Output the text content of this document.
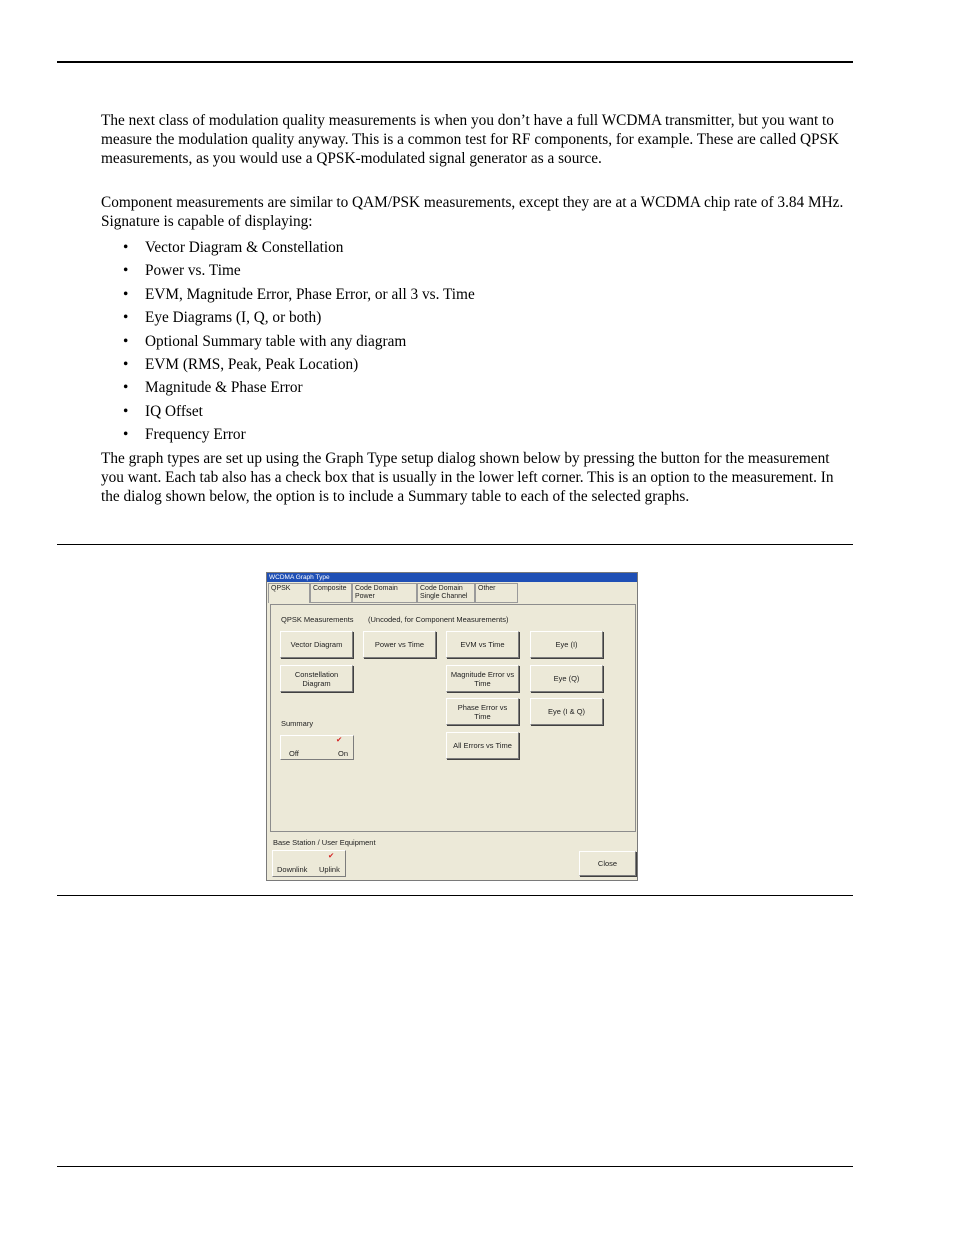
The next class of modulation quality measurements is when you don’t have a full WCDMA transmitter, but you want to measure the modulation quality anyway. This is a common test for RF components, for example. These are called QPSK measurements, as you would use a QPSK-modulated signal generator as a source.

Component measurements are similar to QAM/PSK measurements, except they are at a WCDMA chip rate of 3.84 MHz. Signature is capable of displaying:

• Vector Diagram & Constellation
• Power vs. Time
• EVM, Magnitude Error, Phase Error, or all 3 vs. Time
• Eye Diagrams (I, Q, or both)
• Optional Summary table with any diagram
• EVM (RMS, Peak, Peak Location)
• Magnitude & Phase Error
• IQ Offset
• Frequency Error

The graph types are set up using the Graph Type setup dialog shown below by pressing the button for the measurement you want. Each tab also has a check box that is usually in the lower left corner. This is an option to the measurement. In the dialog shown below, the option is to include a Summary table to each of the selected graphs.

WCDMA Graph Type
QPSK	Composite	Code Domain Power
Code Domain Single Channel
Other
QPSK Measurements (Uncoded, for Component Measurements)
Vector Diagram	Power vs Time	EVM vs Time	Eye (I)
Constellation Diagram
Magnitude Error vs Time	Eye (Q)
Phase Error vs Time	Eye (I & Q)
Summary
Off
✔
On
All Errors vs Time
Base Station / User Equipment
Downlink
✔
Uplink
Close
